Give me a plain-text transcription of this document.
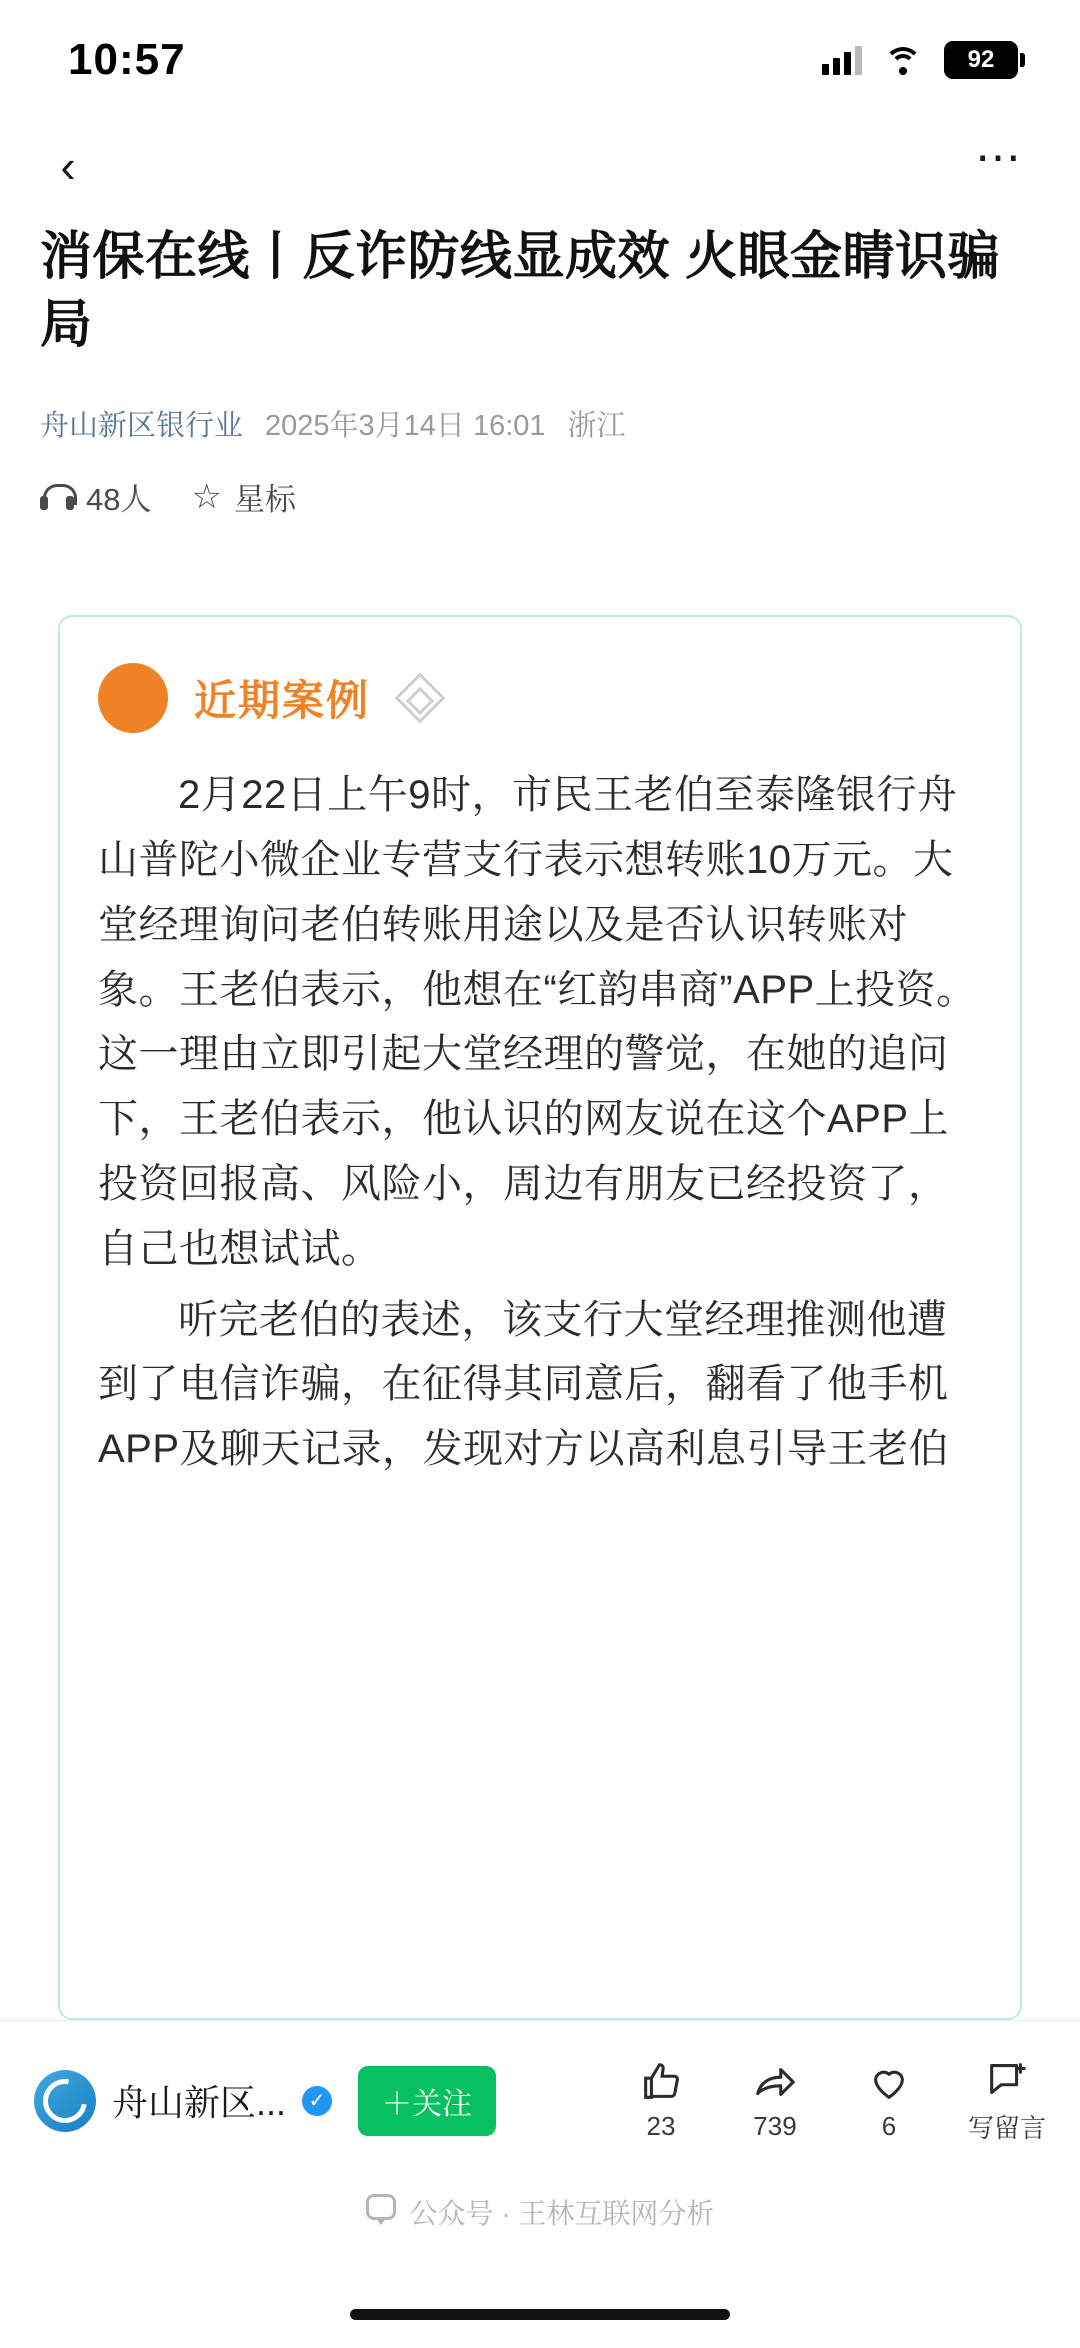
10:57	92
‹	⋯
消保在线丨反诈防线显成效 火眼金睛识骗局
舟山新区银行业 2025年3月14日 16:01 浙江
48人 ☆ 星标
近期案例

2月22日上午9时，市民王老伯至泰隆银行舟山普陀小微企业专营支行表示想转账10万元。大堂经理询问老伯转账用途以及是否认识转账对象。王老伯表示，他想在“红韵串商”APP上投资。这一理由立即引起大堂经理的警觉，在她的追问下，王老伯表示，他认识的网友说在这个APP上投资回报高、风险小，周边有朋友已经投资了，自己也想试试。

听完老伯的表述，该支行大堂经理推测他遭到了电信诈骗，在征得其同意后，翻看了他手机APP及聊天记录，发现对方以高利息引导王老伯

舟山新区...	✓ ＋关注
23	739	6	写留言
公众号 · 王林互联网分析
